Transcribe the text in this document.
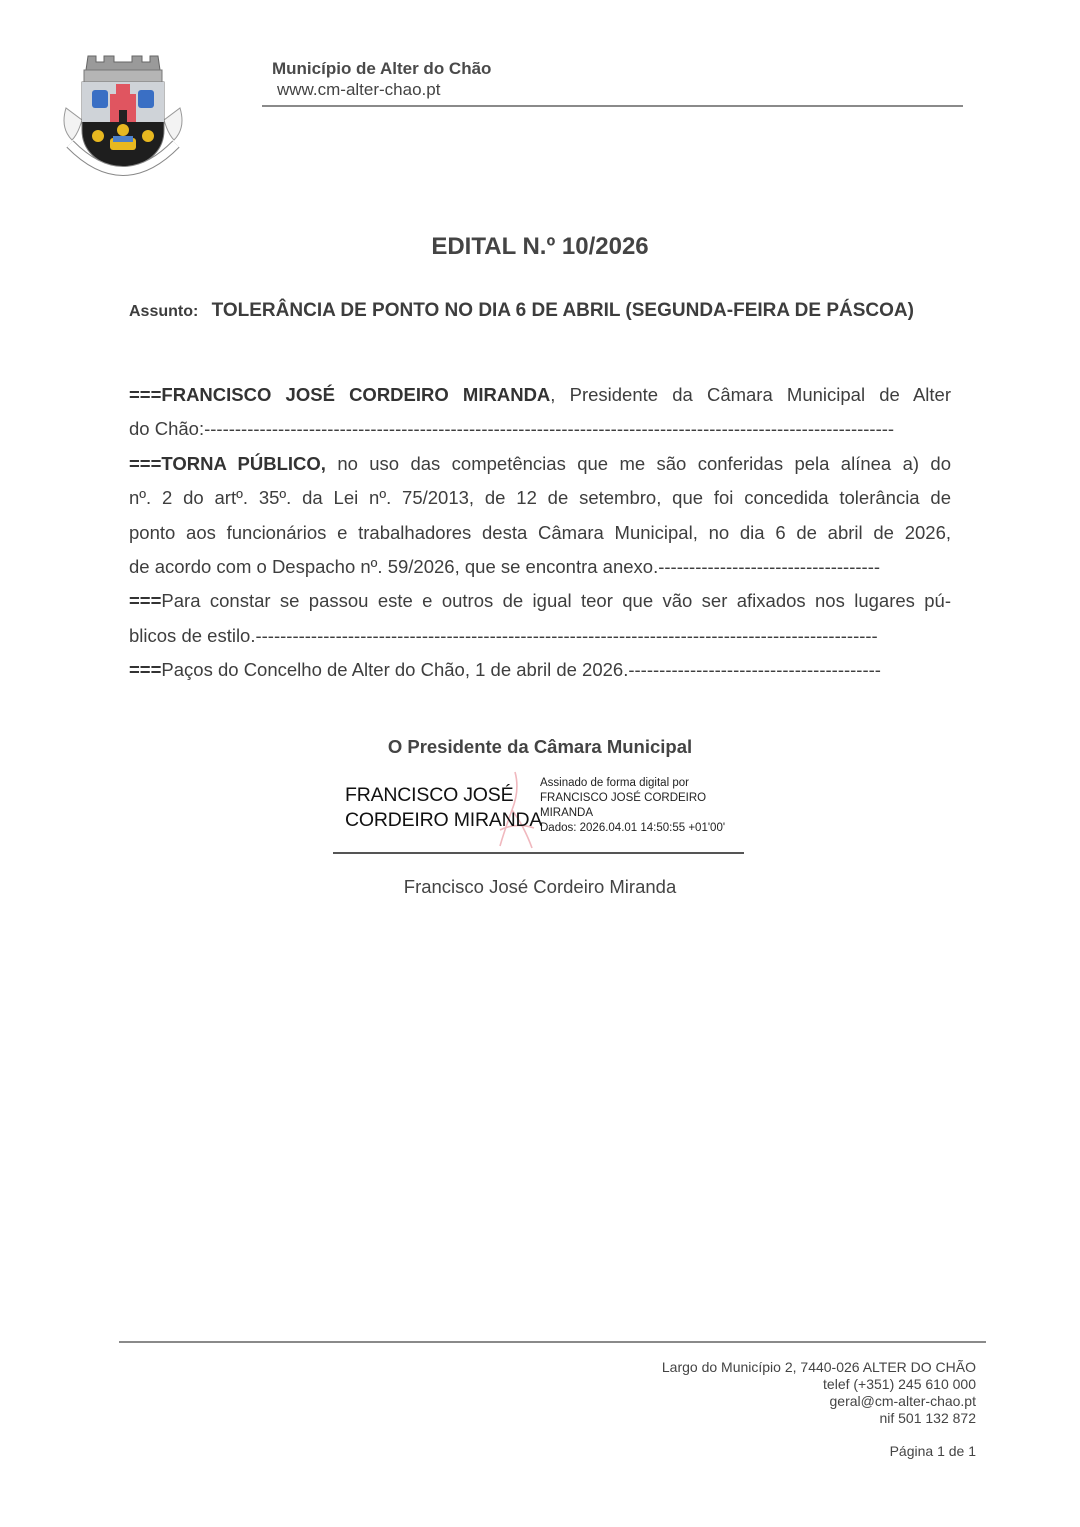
Município de Alter do Chão
www.cm-alter-chao.pt
EDITAL N.º 10/2026
Assunto: TOLERÂNCIA DE PONTO NO DIA 6 DE ABRIL (SEGUNDA-FEIRA DE PÁSCOA)
===FRANCISCO JOSÉ CORDEIRO MIRANDA, Presidente da Câmara Municipal de Alter
do Chão:----------------------------------------------------------------------------------------------------------------
===TORNA PÚBLICO, no uso das competências que me são conferidas pela alínea a) do
nº. 2 do artº. 35º. da Lei nº. 75/2013, de 12 de setembro, que foi concedida tolerância de
ponto aos funcionários e trabalhadores desta Câmara Municipal, no dia 6 de abril de 2026,
de acordo com o Despacho nº. 59/2026, que se encontra anexo.------------------------------------
===Para constar se passou este e outros de igual teor que vão ser afixados nos lugares pú-
blicos de estilo.-----------------------------------------------------------------------------------------------------
===Paços do Concelho de Alter do Chão, 1 de abril de 2026.-----------------------------------------
O Presidente da Câmara Municipal
FRANCISCO JOSÉ
CORDEIRO MIRANDA
Assinado de forma digital por
FRANCISCO JOSÉ CORDEIRO
MIRANDA
Dados: 2026.04.01 14:50:55 +01'00'
Francisco José Cordeiro Miranda
Largo do Município 2, 7440-026 ALTER DO CHÃO
telef (+351) 245 610 000
geral@cm-alter-chao.pt
nif 501 132 872
Página 1 de 1
